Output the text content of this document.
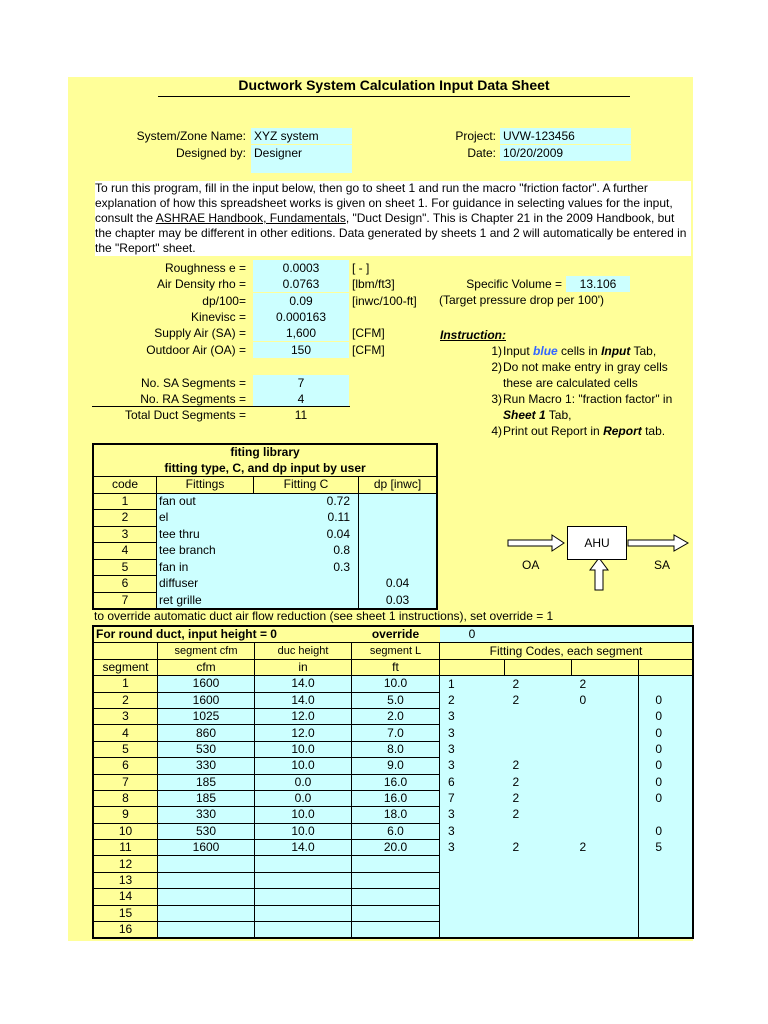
Ductwork System Calculation Input Data Sheet
System/Zone Name: XYZ system
Designed by: Designer
Project: UVW-123456
Date: 10/20/2009
To run this program, fill in the input below, then go to sheet 1 and run the macro "friction factor". A further explanation of how this spreadsheet works is given on sheet 1. For guidance in selecting values for the input, consult the ASHRAE Handbook, Fundamentals, "Duct Design". This is Chapter 21 in the 2009 Handbook, but the chapter may be different in other editions. Data generated by sheets 1 and 2 will automatically be entered in the "Report" sheet.
Roughness e =	0.0003	[ - ]
Air Density rho =	0.0763	[lbm/ft3]
dp/100=	0.09	[inwc/100-ft]
Kinevisc =	0.000163
Supply Air (SA) =	1,600	[CFM]
Outdoor Air (OA) =	150	[CFM]
Specific Volume =	13.106
(Target pressure drop per 100')
No. SA Segments =	7
No. RA Segments =	4
Total Duct Segments =	11
Instruction:
1) Input blue cells in Input Tab,
2) Do not make entry in gray cells
these are calculated cells
3) Run Macro 1: "fraction factor" in
Sheet 1 Tab,
4) Print out Report in Report tab.
fiting library			
fitting type, C, and dp input by user			
code	Fittings	Fitting C	dp [inwc]
1	fan out	0.72	
2	el	0.11	
3	tee thru	0.04	
4	tee branch	0.8	
5	fan in	0.3	
6	diffuser		0.04
7	ret grille		0.03
AHU
OA	SA
to override automatic duct air flow reduction (see sheet 1 instructions), set override = 1
For round duct, input height = 0			override	0			
	segment cfm	duc height	segment L	Fitting Codes, each segment			
segment	cfm	in	ft				
1	1600	14.0	10.0	1	2	2	
2	1600	14.0	5.0	2	2	0	0
3	1025	12.0	2.0	3			0
4	860	12.0	7.0	3			0
5	530	10.0	8.0	3			0
6	330	10.0	9.0	3	2		0
7	185	0.0	16.0	6	2		0
8	185	0.0	16.0	7	2		0
9	330	10.0	18.0	3	2		
10	530	10.0	6.0	3			0
11	1600	14.0	20.0	3	2	2	5
12							
13							
14							
15							
16							
